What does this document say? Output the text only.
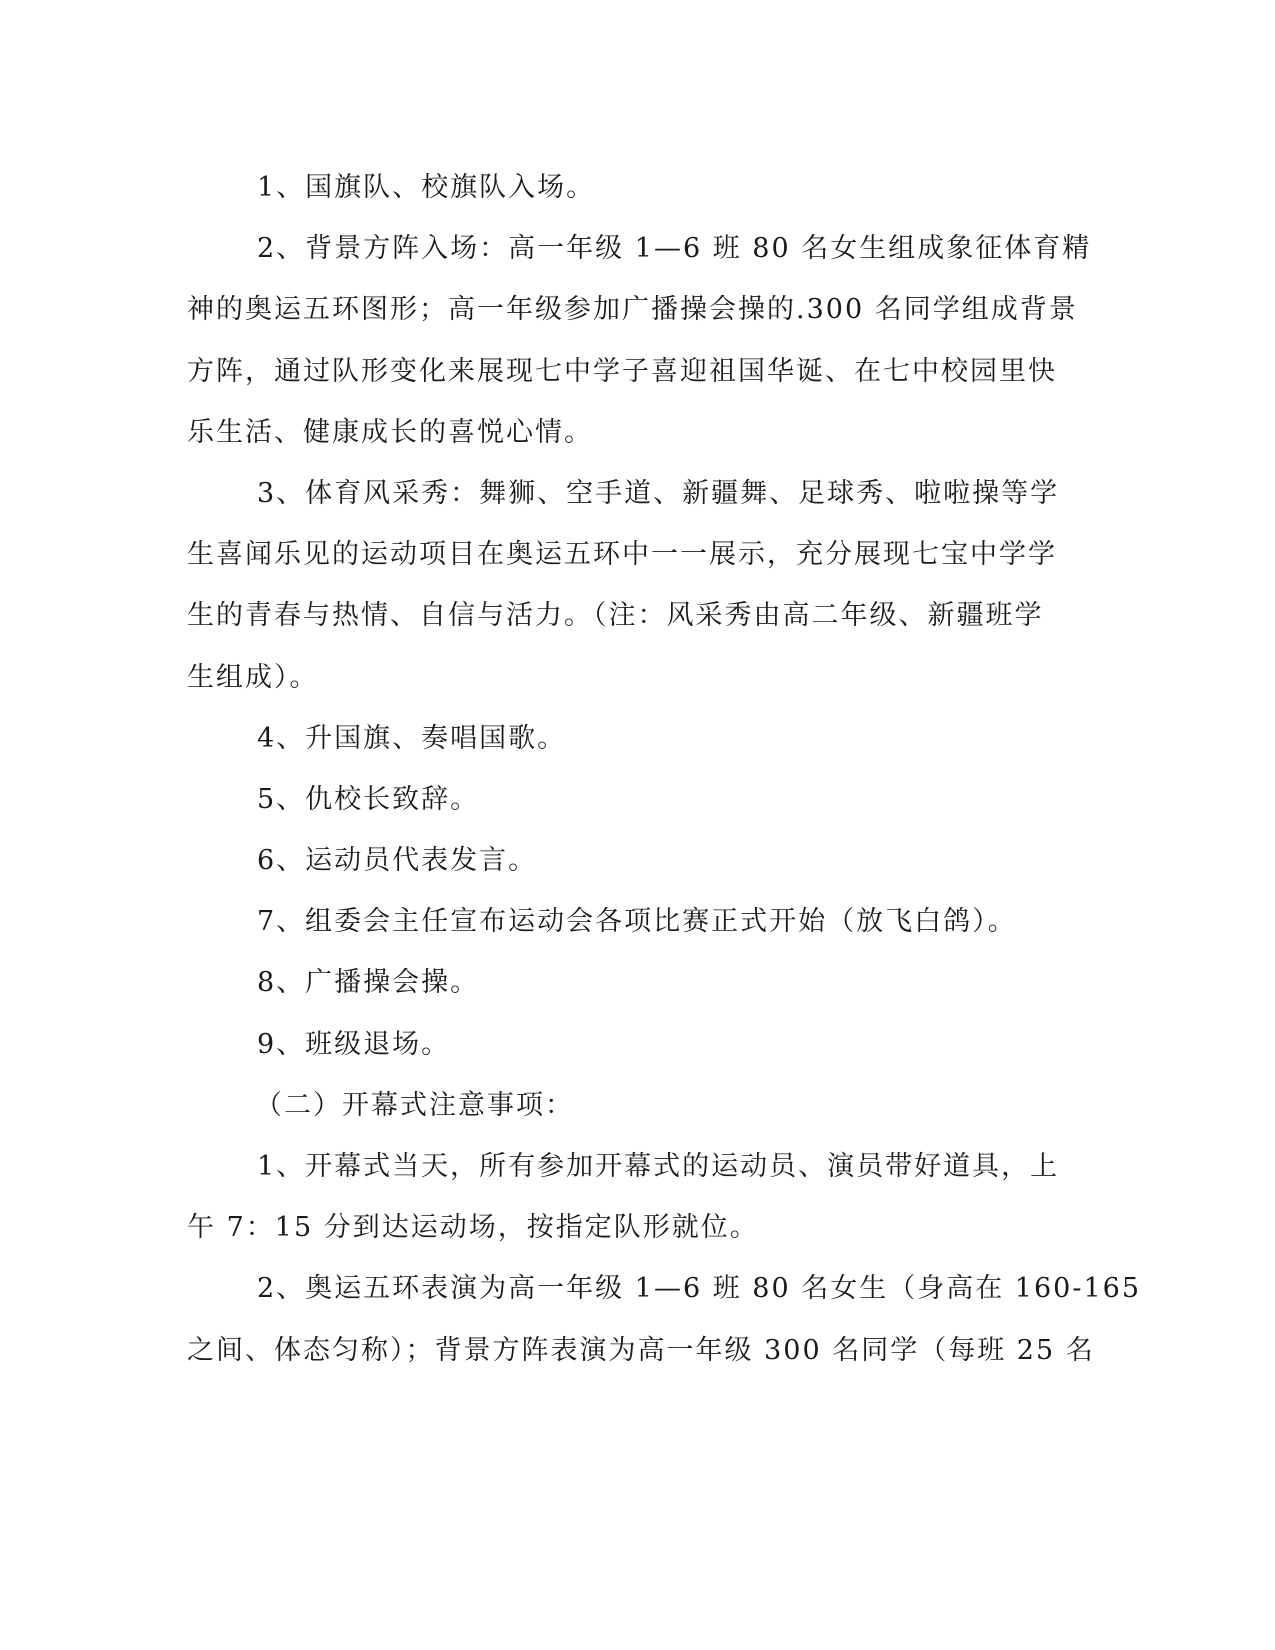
1、国旗队、校旗队入场。
2、背景方阵入场：高一年级 1—6 班 80 名女生组成象征体育精
神的奥运五环图形；高一年级参加广播操会操的.300 名同学组成背景
方阵，通过队形变化来展现七中学子喜迎祖国华诞、在七中校园里快
乐生活、健康成长的喜悦心情。
3、体育风采秀：舞狮、空手道、新疆舞、足球秀、啦啦操等学
生喜闻乐见的运动项目在奥运五环中一一展示，充分展现七宝中学学
生的青春与热情、自信与活力。（注：风采秀由高二年级、新疆班学
生组成）。
4、升国旗、奏唱国歌。
5、仇校长致辞。
6、运动员代表发言。
7、组委会主任宣布运动会各项比赛正式开始（放飞白鸽）。
8、广播操会操。
9、班级退场。
（二）开幕式注意事项：
1、开幕式当天，所有参加开幕式的运动员、演员带好道具，上
午 7：15 分到达运动场，按指定队形就位。
2、奥运五环表演为高一年级 1—6 班 80 名女生（身高在 160-165
之间、体态匀称）；背景方阵表演为高一年级 300 名同学（每班 25 名
